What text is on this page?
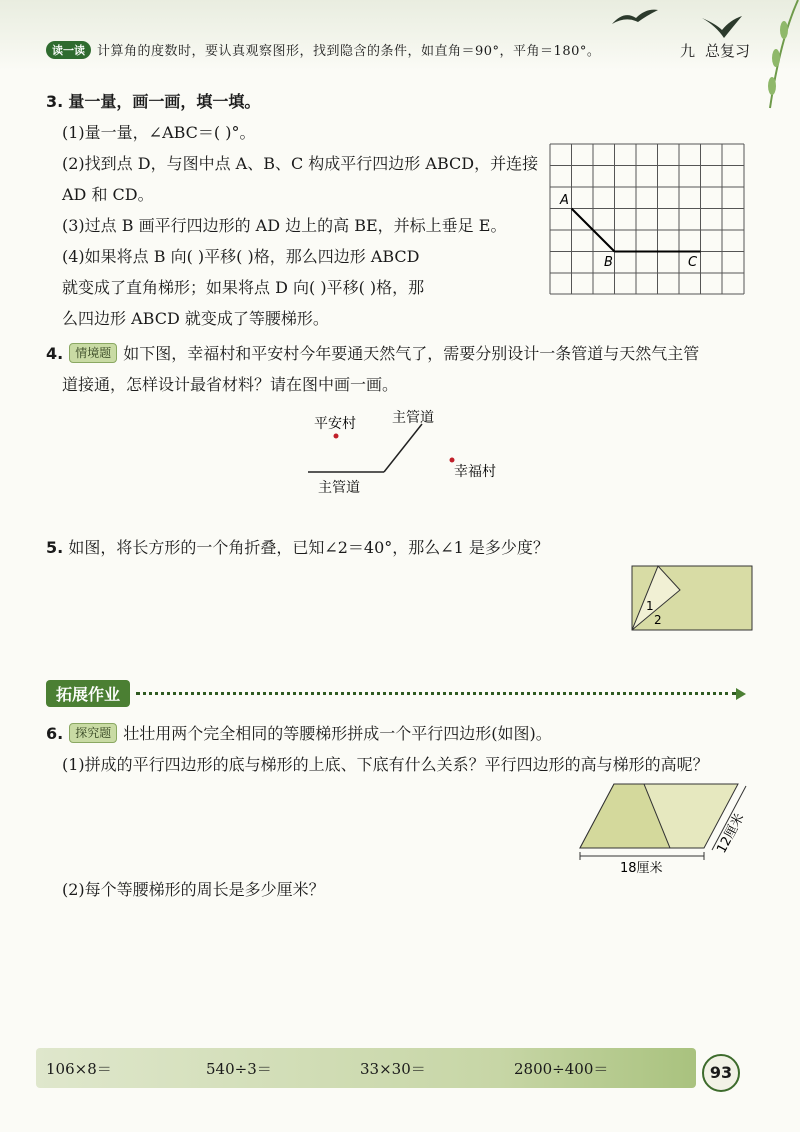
读一读 计算角的度数时，要认真观察图形，找到隐含的条件，如直角＝90°，平角＝180°。	九 总复习
3. 量一量，画一画，填一填。
(1)量一量，∠ABC＝( )°。
(2)找到点 D，与图中点 A、B、C 构成平行四边形 ABCD，并连接
AD 和 CD。
(3)过点 B 画平行四边形的 AD 边上的高 BE，并标上垂足 E。
(4)如果将点 B 向( )平移( )格，那么四边形 ABCD
就变成了直角梯形；如果将点 D 向( )平移( )格，那
么四边形 ABCD 就变成了等腰梯形。
A
B	C
4. 情境题 如下图，幸福村和平安村今年要通天然气了，需要分别设计一条管道与天然气主管
道接通，怎样设计最省材料？请在图中画一画。
平安村	主管道
幸福村
主管道
5. 如图，将长方形的一个角折叠，已知∠2＝40°，那么∠1 是多少度？
1
2
拓展作业
6. 探究题 壮壮用两个完全相同的等腰梯形拼成一个平行四边形(如图)。
(1)拼成的平行四边形的底与梯形的上底、下底有什么关系？平行四边形的高与梯形的高呢？
18厘米
12厘米
(2)每个等腰梯形的周长是多少厘米？
106×8＝	540÷3＝	33×30＝	2800÷400＝	93
